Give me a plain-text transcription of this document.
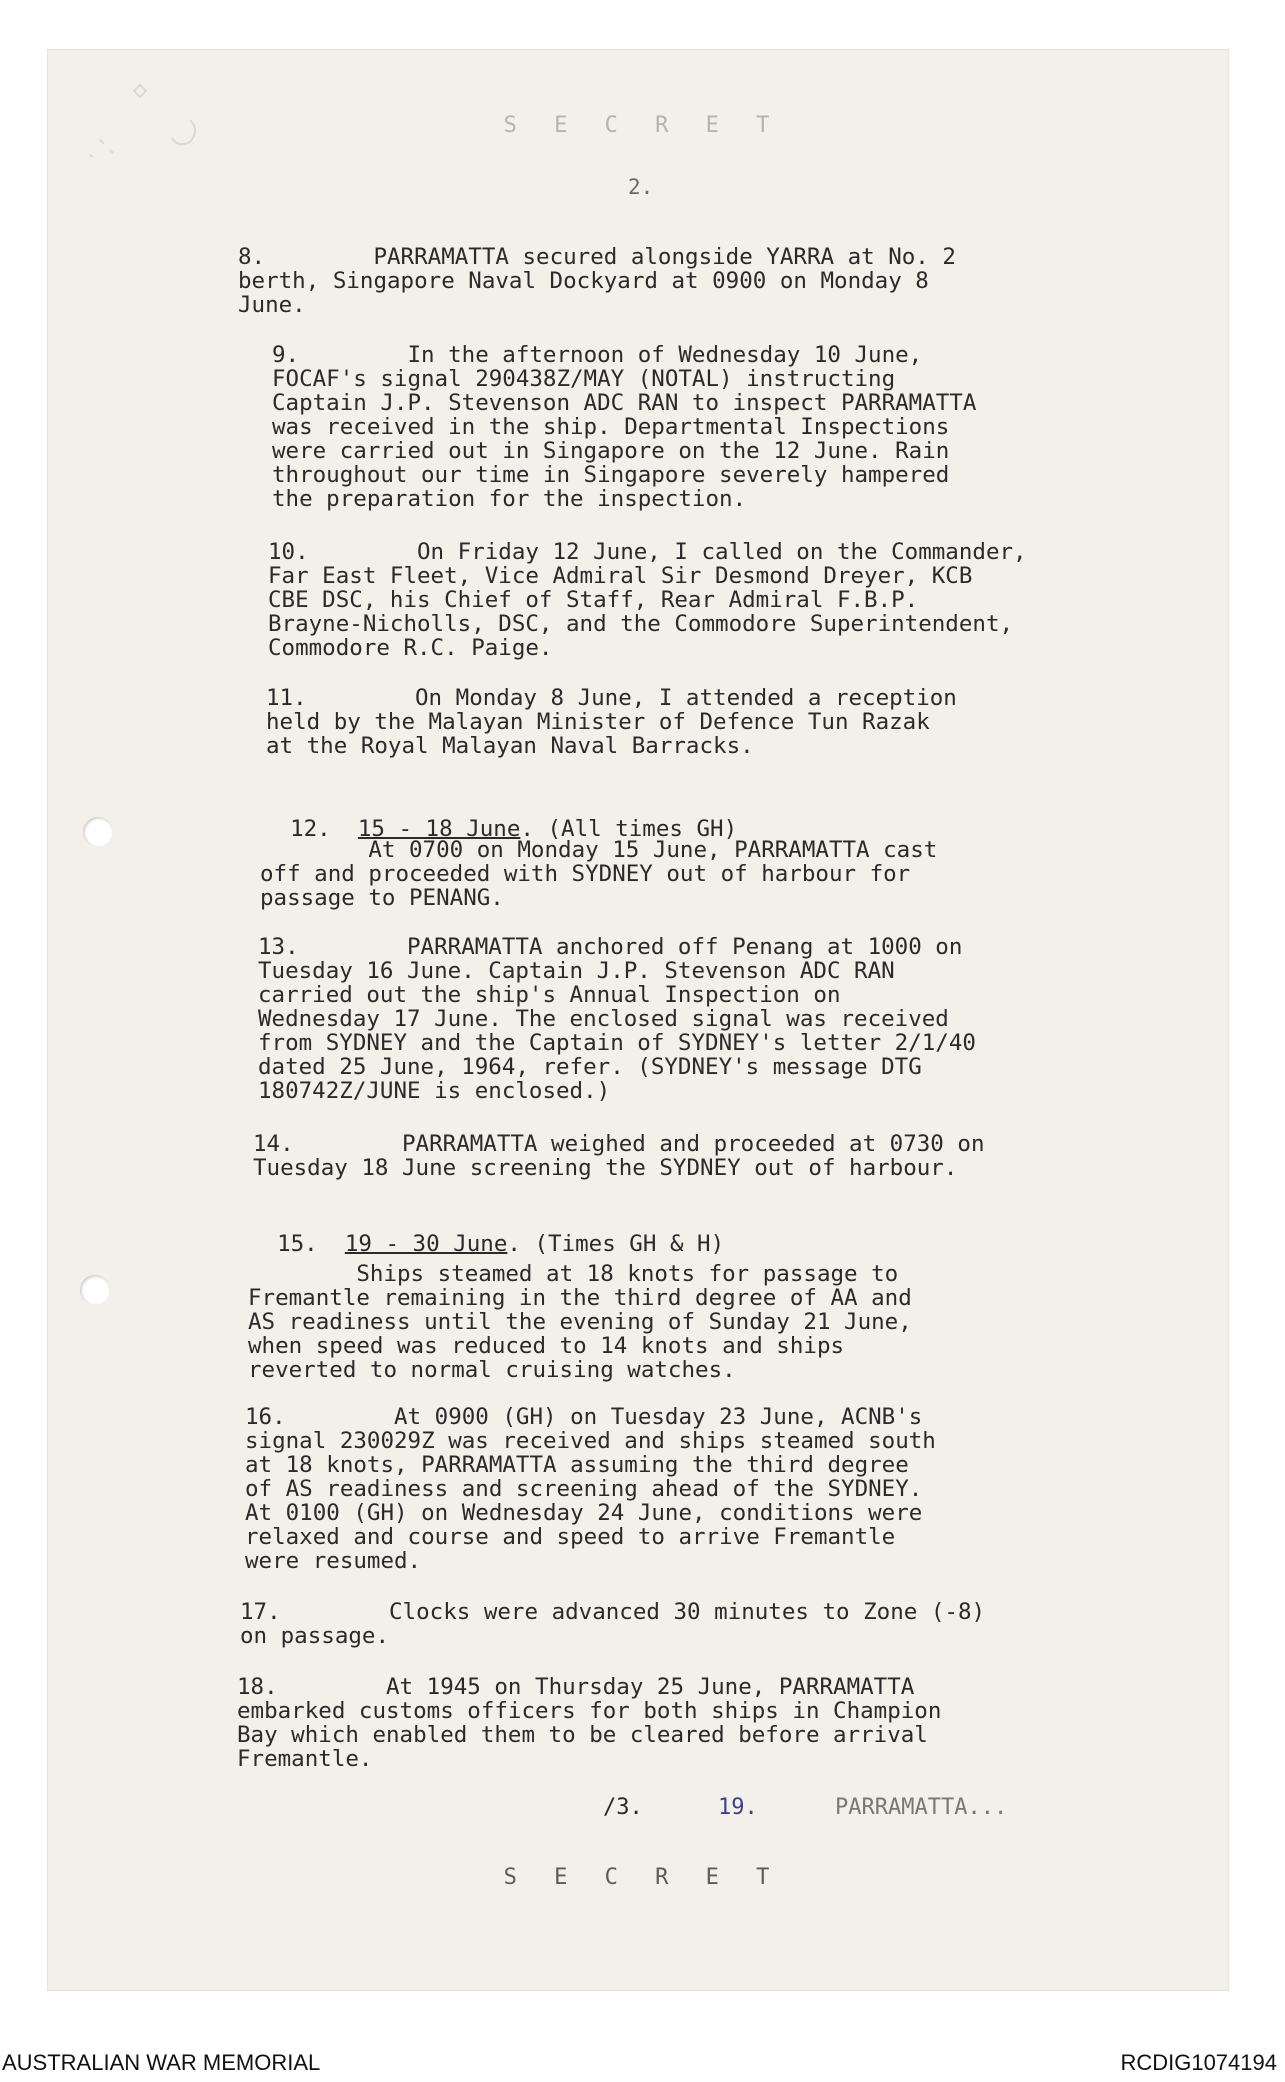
S E C R E T
2.
8.	PARRAMATTA secured alongside YARRA at No. 2
berth, Singapore Naval Dockyard at 0900 on Monday 8
June.
9.	In the afternoon of Wednesday 10 June,
FOCAF's signal 290438Z/MAY (NOTAL) instructing
Captain J.P. Stevenson ADC RAN to inspect PARRAMATTA
was received in the ship. Departmental Inspections
were carried out in Singapore on the 12 June. Rain
throughout our time in Singapore severely hampered
the preparation for the inspection.
10.	On Friday 12 June, I called on the Commander,
Far East Fleet, Vice Admiral Sir Desmond Dreyer, KCB
CBE DSC, his Chief of Staff, Rear Admiral F.B.P.
Brayne-Nicholls, DSC, and the Commodore Superintendent,
Commodore R.C. Paige.
11.	On Monday 8 June, I attended a reception
held by the Malayan Minister of Defence Tun Razak
at the Royal Malayan Naval Barracks.

12. 15 - 18 June. (All times GH)

At 0700 on Monday 15 June, PARRAMATTA cast
off and proceeded with SYDNEY out of harbour for
passage to PENANG.
13.	PARRAMATTA anchored off Penang at 1000 on
Tuesday 16 June. Captain J.P. Stevenson ADC RAN
carried out the ship's Annual Inspection on
Wednesday 17 June. The enclosed signal was received
from SYDNEY and the Captain of SYDNEY's letter 2/1/40
dated 25 June, 1964, refer. (SYDNEY's message DTG
180742Z/JUNE is enclosed.)
14.	PARRAMATTA weighed and proceeded at 0730 on
Tuesday 18 June screening the SYDNEY out of harbour.

15. 19 - 30 June. (Times GH & H)

Ships steamed at 18 knots for passage to
Fremantle remaining in the third degree of AA and
AS readiness until the evening of Sunday 21 June,
when speed was reduced to 14 knots and ships
reverted to normal cruising watches.
16.	At 0900 (GH) on Tuesday 23 June, ACNB's
signal 230029Z was received and ships steamed south
at 18 knots, PARRAMATTA assuming the third degree
of AS readiness and screening ahead of the SYDNEY.
At 0100 (GH) on Wednesday 24 June, conditions were
relaxed and course and speed to arrive Fremantle
were resumed.
17.	Clocks were advanced 30 minutes to Zone (-8)
on passage.
18.	At 1945 on Thursday 25 June, PARRAMATTA
embarked customs officers for both ships in Champion
Bay which enabled them to be cleared before arrival
Fremantle.
/3.	19.	PARRAMATTA...
S E C R E T
AUSTRALIAN WAR MEMORIAL	RCDIG1074194
